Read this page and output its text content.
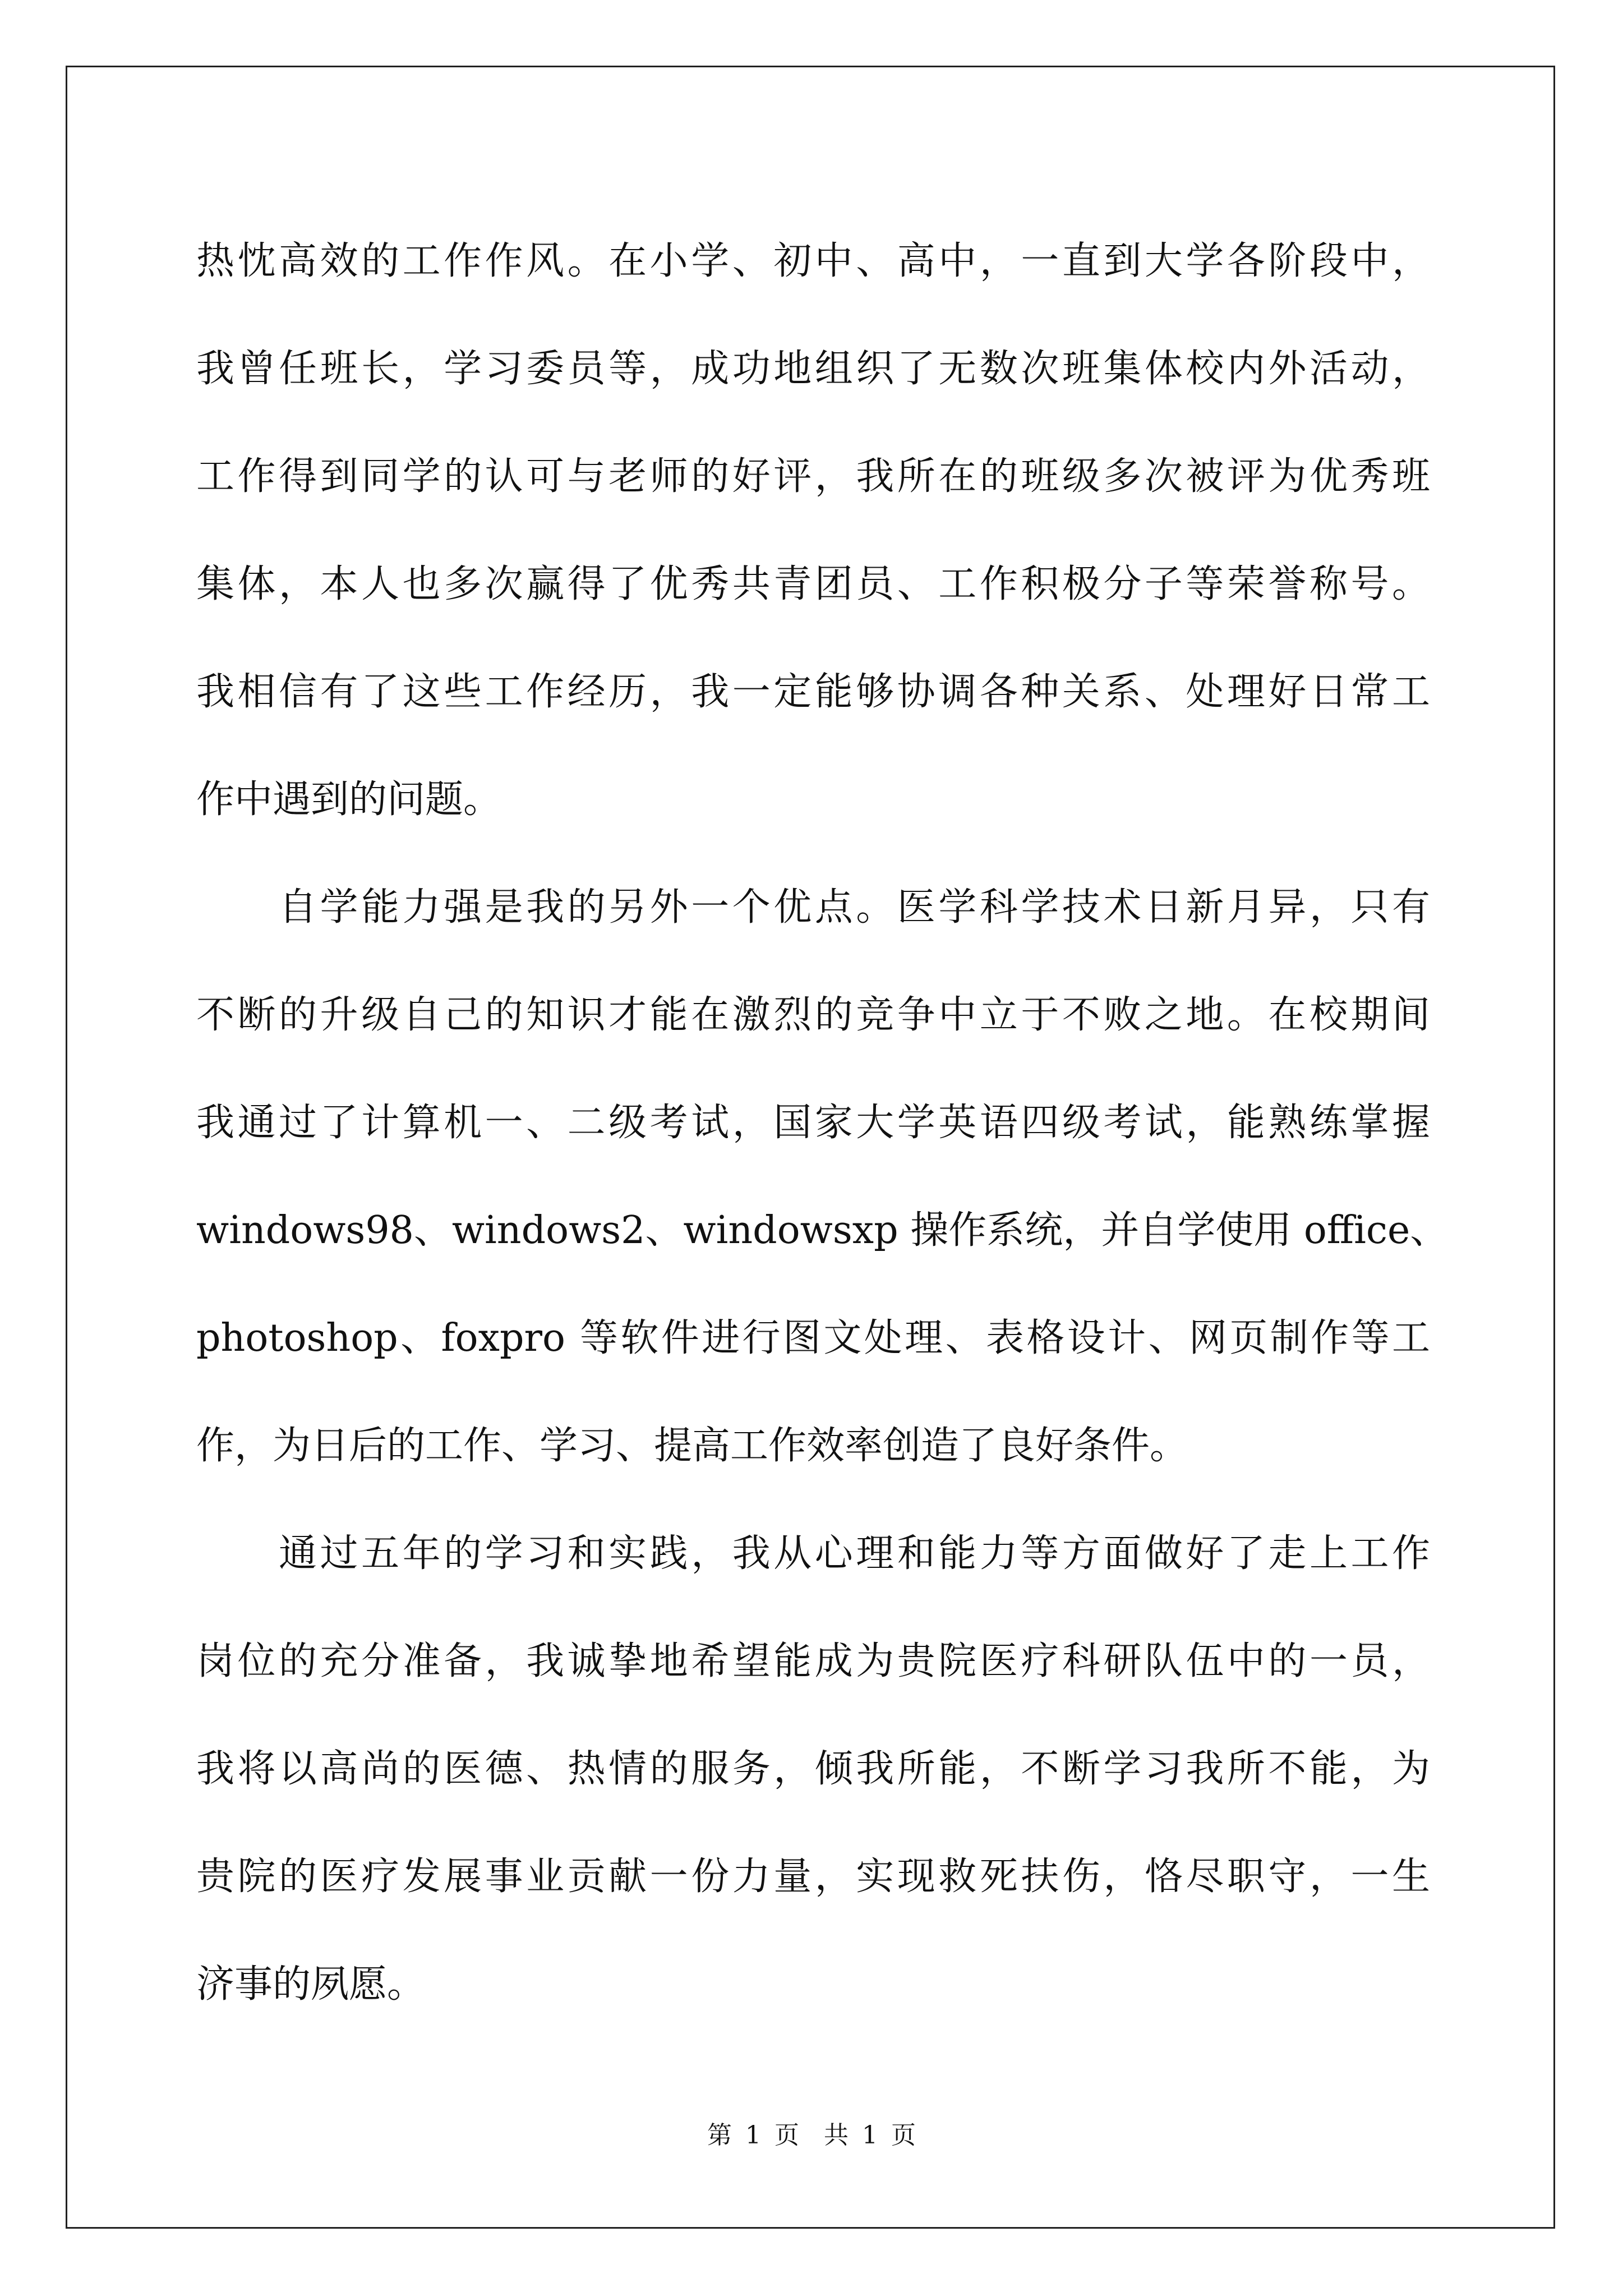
热忱高效的工作作风。在小学、初中、高中，一直到大学各阶段中，
我曾任班长，学习委员等，成功地组织了无数次班集体校内外活动，
工作得到同学的认可与老师的好评，我所在的班级多次被评为优秀班
集体，本人也多次赢得了优秀共青团员、工作积极分子等荣誉称号。
我相信有了这些工作经历，我一定能够协调各种关系、处理好日常工
作中遇到的问题。
　　自学能力强是我的另外一个优点。医学科学技术日新月异，只有
不断的升级自己的知识才能在激烈的竞争中立于不败之地。在校期间
我通过了计算机一、二级考试，国家大学英语四级考试，能熟练掌握
windows98、windows2、windowsxp 操作系统，并自学使用 office、
photoshop、foxpro 等软件进行图文处理、表格设计、网页制作等工
作，为日后的工作、学习、提高工作效率创造了良好条件。
　　通过五年的学习和实践，我从心理和能力等方面做好了走上工作
岗位的充分准备，我诚挚地希望能成为贵院医疗科研队伍中的一员，
我将以高尚的医德、热情的服务，倾我所能，不断学习我所不能，为
贵院的医疗发展事业贡献一份力量，实现救死扶伤，恪尽职守，一生
济事的夙愿。
第 1 页　共 1 页
